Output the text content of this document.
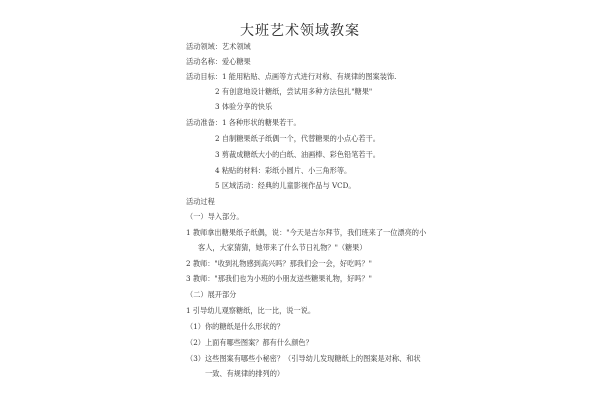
大班艺术领域教案
活动领域：艺术领域
活动名称：爱心糖果
活动目标：1 能用粘贴、点画等方式进行对称、有规律的图案装饰.
2 有创意地设计糖纸，尝试用多种方法包扎"糖果"
3 体验分享的快乐
活动准备：1 各种形状的糖果若干。
2 自制糖果纸子纸偶一个，代替糖果的小点心若干。
3 剪裁成糖纸大小的白纸、油画棒、彩色铅笔若干。
4 粘贴的材料：彩纸小圆片、小三角形等。
5 区域活动：经典的儿童影视作品与 VCD。
活动过程
（一）导入部分。
1 教师拿出糖果纸子纸偶，说："今天是吉尔拜节，我们班来了一位漂亮的小
客人，大家猜猜，她带来了什么节日礼物？"（糖果）
2 教师："收到礼物感到高兴吗？那我们会一会，好吃吗？"
3 教师："那我们也为小班的小朋友送些糖果礼物，好吗？"
（二）展开部分
1 引导幼儿观察糖纸，比一比，说一说。
（1）你的糖纸是什么形状的？
（2）上面有哪些图案？都有什么颜色？
（3）这些图案有哪些小秘密？（引导幼儿发现糖纸上的图案是对称、和状
一致、有规律的排列的）
